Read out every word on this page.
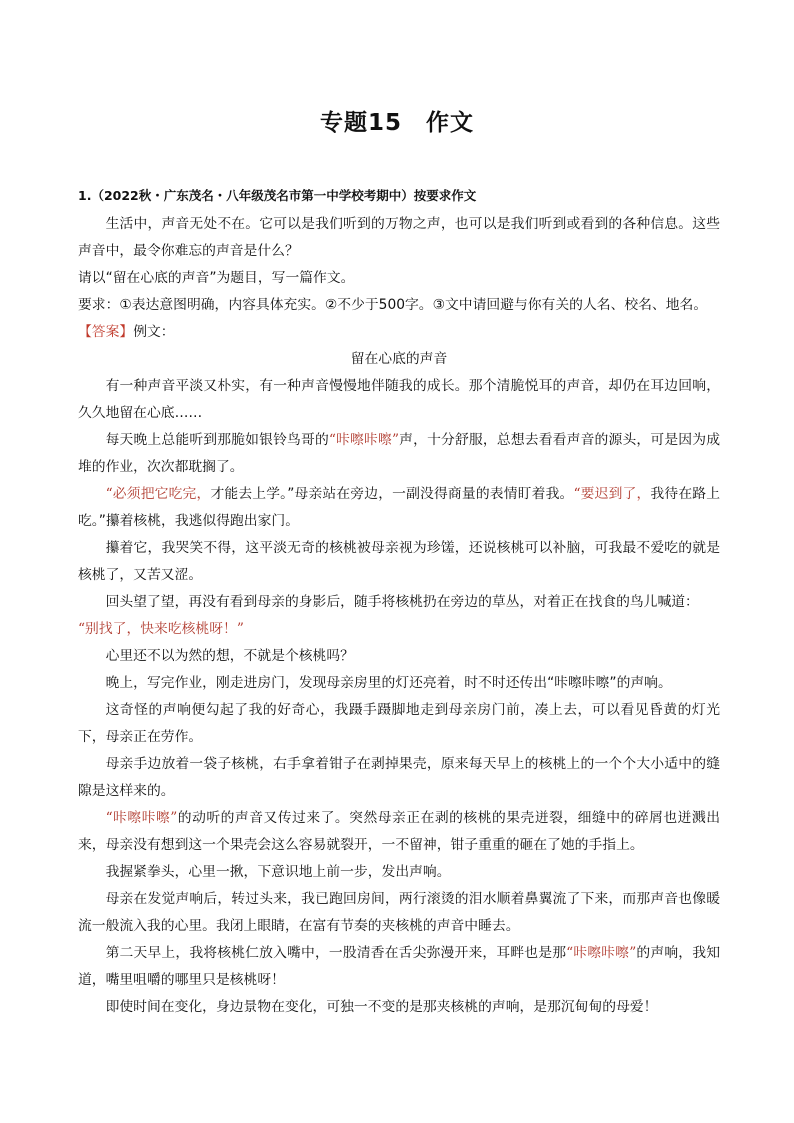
专题15　作文
1.（2022秋・广东茂名・八年级茂名市第一中学校考期中）按要求作文

生活中，声音无处不在。它可以是我们听到的万物之声，也可以是我们听到或看到的各种信息。这些声音中，最令你难忘的声音是什么？

请以“留在心底的声音”为题目，写一篇作文。

要求：①表达意图明确，内容具体充实。②不少于500字。③文中请回避与你有关的人名、校名、地名。

【答案】例文：

留在心底的声音

有一种声音平淡又朴实，有一种声音慢慢地伴随我的成长。那个清脆悦耳的声音，却仍在耳边回响，久久地留在心底……

每天晚上总能听到那脆如银铃鸟哥的“咔嚓咔嚓”声，十分舒服，总想去看看声音的源头，可是因为成堆的作业，次次都耽搁了。

“必须把它吃完，才能去上学。”母亲站在旁边，一副没得商量的表情盯着我。“要迟到了，我待在路上吃。”攥着核桃，我逃似得跑出家门。

攥着它，我哭笑不得，这平淡无奇的核桃被母亲视为珍馐，还说核桃可以补脑，可我最不爱吃的就是核桃了，又苦又涩。

回头望了望，再没有看到母亲的身影后，随手将核桃扔在旁边的草丛，对着正在找食的鸟儿喊道：

“别找了，快来吃核桃呀！”

心里还不以为然的想，不就是个核桃吗？

晚上，写完作业，刚走进房门，发现母亲房里的灯还亮着，时不时还传出“咔嚓咔嚓”的声响。

这奇怪的声响便勾起了我的好奇心，我蹑手蹑脚地走到母亲房门前，凑上去，可以看见昏黄的灯光下，母亲正在劳作。

母亲手边放着一袋子核桃，右手拿着钳子在剥掉果壳，原来每天早上的核桃上的一个个大小适中的缝隙是这样来的。

“咔嚓咔嚓”的动听的声音又传过来了。突然母亲正在剥的核桃的果壳迸裂，细缝中的碎屑也迸溅出来，母亲没有想到这一个果壳会这么容易就裂开，一不留神，钳子重重的砸在了她的手指上。

我握紧拳头，心里一揪，下意识地上前一步，发出声响。

母亲在发觉声响后，转过头来，我已跑回房间，两行滚烫的泪水顺着鼻翼流了下来，而那声音也像暖流一般流入我的心里。我闭上眼睛，在富有节奏的夹核桃的声音中睡去。

第二天早上，我将核桃仁放入嘴中，一股清香在舌尖弥漫开来，耳畔也是那“咔嚓咔嚓”的声响，我知道，嘴里咀嚼的哪里只是核桃呀！

即使时间在变化，身边景物在变化，可独一不变的是那夹核桃的声响，是那沉甸甸的母爱！
